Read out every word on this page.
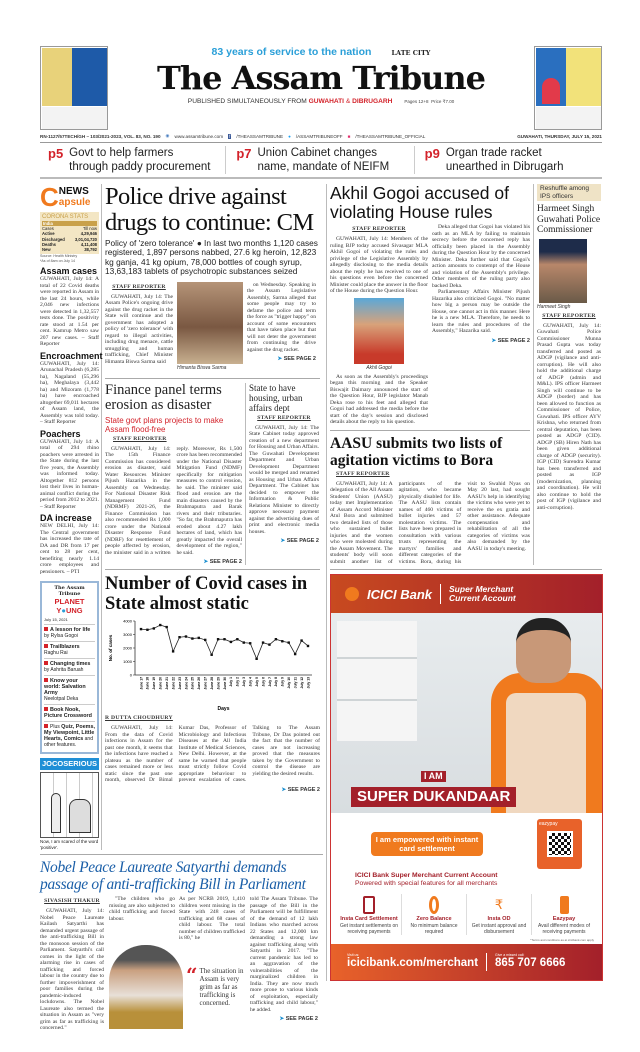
83 years of service to the nation	LATE CITY
The Assam Tribune
PUBLISHED SIMULTANEOUSLY FROM GUWAHATI & DIBRUGARH	Pages 12+8 Price ₹7.00
RN-1127/57TECH/GH – 103/2021-2023, VOL. 83, NO. 190 ◉ www.assamtribune.com f /THEASSAMTRIBUNE ● /ASSAMTRIBUNEOFF ■ /THEASSAMTRIBUNE_OFFICIAL	GUWAHATI, THURSDAY, JULY 15, 2021
p5 Govt to help farmers through paddy procurement
p7 Union Cabinet changes name, mandate of NEIFM
p9 Organ trade racket unearthed in Dibrugarh
C NEWS
apsule
CORONA STATS
India
Cases	Till now
Active	4,29,946
Discharged 3,01,04,720
Deaths	4,11,408
New	38,792
Source: Health Ministry
*As of 8am on July 14
Assam cases
GUWAHATI, July 14: A total of 22 Covid deaths were reported in Assam in the last 24 hours, while 2,046 new infections were detected in 1,32,557 tests done. The positivity rate stood at 1.54 per cent. Kamrup Metro saw 207 new cases. – Staff Reporter
Encroachment
GUWAHATI, July 14: Arunachal Pradesh (6,285 ha), Nagaland (55,296 ha), Meghalaya (3,442 ha) and Mizoram (1,778 ha) have encroached altogether 69,011 hectares of Assam land, the Assembly was told today. – Staff Reporter
Poachers
GUWAHATI, July 14: A total of 294 rhino poachers were arrested in the State during the last five years, the Assembly was informed today. Altogether 812 persons lost their lives in human-animal conflict during the period from 2012 to 2021. – Staff Reporter
DA increase
NEW DELHI, July 14: The Central government has increased the rate of DA and DR from 17 per cent to 28 per cent, benefiting nearly 1.14 crore employees and pensioners. – PTI
The Assam Tribune
PLANET Y●UNG
July 15, 2021
A lesson for life
by Rylsa Gogoi
Trailblazers
Raghu Rai
Changing times
by Ashrita Baruah
Know your world: Salvation Army
Neelotpal Deka
Book Nook, Picture Crossword
Plus Quiz, Poems, My Viewpoint, Little Hearts, Comics and other features.
JOCOSERIOUS
Now, I am scared of the word 'positive'.
Police drive against drugs to continue: CM
Policy of 'zero tolerance' ● In last two months 1,120 cases registered, 1,897 persons nabbed, 27.6 kg heroin, 12,823 kg ganja, 41 kg opium, 78,000 bottles of cough syrup, 13,63,183 tablets of psychotropic substances seized
STAFF REPORTER

GUWAHATI, July 14: The Assam Police's ongoing drive against the drug racket in the State will continue and the government has adopted a policy of 'zero tolerance' with regard to illegal activities, including drug menace, cattle smuggling and human trafficking, Chief Minister Himanta Biswa Sarma said

Himanta Biswa Sarma

on Wednesday. Speaking in the Assam Legislative Assembly, Sarma alleged that some people may try to defame the police and term the force as "trigger happy" on account of some encounters that have taken place but that will not deter the government from continuing the drive against the drug racket.

➤ SEE PAGE 2
Finance panel terms erosion as disaster
State govt plans projects to make Assam flood-free
STAFF REPORTER

GUWAHATI, July 14: The 15th Finance Commission has considered erosion as disaster, said Water Resources Minister Pijush Hazarika in the Assembly on Wednesday. For National Disaster Risk Management Fund (NDRMF) 2021-26, the Finance Commission has also recommended Rs 1,000 crore under the National Disaster Response Fund (NDRF) for resettlement of people affected by erosion, the minister said in a written reply. Moreover, Rs 1,500 crore has been recommended under the National Disaster Mitigation Fund (NDMF) specifically for mitigation measures to control erosion, he said. The minister said flood and erosion are the main disasters caused by the Brahmaputra and Barak rivers and their tributaries. "So far, the Brahmaputra has eroded about 4.27 lakh hectares of land, which has greatly impacted the overall development of the region," he said.

➤ SEE PAGE 2
State to have housing, urban affairs dept
STAFF REPORTER

GUWAHATI, July 14: The State Cabinet today approved creation of a new department for Housing and Urban Affairs. The Guwahati Development Department and Urban Development Department would be merged and renamed as Housing and Urban Affairs Department. The Cabinet has decided to empower the Information & Public Relations Minister to directly approve necessary payment against the advertising dues of print and electronic media houses.

➤ SEE PAGE 2
Number of Covid cases in State almost static
0
1000
2000
3000
4000
No. of cases
Days
June 17 June 18 June 19 June 20 June 21 June 22 June 23 June 24 June 25 June 26 June 27 June 28 June 29 June 30 July 1 July 2 July 3 July 4 July 5 July 6 July 7 July 8 July 9 July 10 July 11 July 12 July 13
R DUTTA CHOUDHURY

GUWAHATI, July 14: From the data of Covid infections in Assam for the past one month, it seems that the infections have reached a plateau as the number of cases remained more or less static since the past one month, observed Dr Bimal Kumar Das, Professor of Microbiology and Infectious Diseases at the All India Institute of Medical Sciences, New Delhi. However, at the same he warned that people must strictly follow Covid appropriate behaviour to prevent escalation of cases. Talking to The Assam Tribune, Dr Das pointed out the fact that the number of cases are not increasing proved that the measures taken by the Government to control the disease are yielding the desired results.

➤ SEE PAGE 2
Nobel Peace Laureate Satyarthi demands passage of anti-trafficking Bill in Parliament
SIVASISH THAKUR

GUWAHATI, July 14: Nobel Peace Laureate Kailash Satyarthi has demanded urgent passage of the anti-trafficking Bill in the monsoon session of the Parliament. Satyarthi's call comes in the light of the alarming rise in cases of trafficking and forced labour in the country due to further impoverishment of poor families during the pandemic-induced lockdowns. The Nobel Laureate also termed the situation in Assam as "very grim as far as trafficking is concerned."

"The children who go missing are also subjected to child trafficking and forced labour.

As per NCRB 2019, 1,410 children went missing in the State with 248 cases of trafficking and 68 cases of child labour. The total number of children trafficked is 80," he

“ The situation in Assam is very grim as far as trafficking is concerned.

told The Assam Tribune. The passage of the Bill in the Parliament will be fulfillment of the demand of 12 lakh Indians who marched across 22 States and 12,000 km demanding a strong law against trafficking along with Satyarthi in 2017. "The current pandemic has led to an aggravation of the vulnerabilities of the marginalized children in India. They are now much more prone to various kinds of exploitation, especially trafficking and child labour," he added.

➤ SEE PAGE 2
Akhil Gogoi accused of violating House rules
STAFF REPORTER

GUWAHATI, July 14: Members of the ruling BJP today accused Sivasagar MLA Akhil Gogoi of violating the rules and privilege of the Legislative Assembly by allegedly disclosing to the media details about the reply he has received to one of his questions even before the concerned Minister could place the answer in the floor of the House during the Question Hour.

Akhil Gogoi

As soon as the Assembly's proceedings began this morning and the Speaker Biswajit Daimary announced the start of the Question Hour, BJP legislator Manab Deka rose to his feet and alleged that Gogoi had addressed the media before the start of the day's session and disclosed details about the reply to his question.

Deka alleged that Gogoi has violated his oath as an MLA by failing to maintain secrecy before the concerned reply has officially been placed in the Assembly during the Question Hour by the concerned Minister. Deka further said that Gogoi's action amounts to contempt of the House and violation of the Assembly's privilege. Other members of the ruling party also backed Deka.

Parliamentary Affairs Minister Pijush Hazarika also criticized Gogoi. "No matter how big a person may be outside the House, one cannot act in this manner. Here he is a new MLA. Therefore, he needs to learn the rules and procedures of the Assembly," Hazarika said.

➤ SEE PAGE 2
AASU submits two lists of agitation victims to Bora
STAFF REPORTER

GUWAHATI, July 14: A delegation of the All Assam Students' Union (AASU) today met Implementation of Assam Accord Minister Atul Bora and submitted two detailed lists of those who sustained bullet injuries and the women who were molested during the Assam Movement. The students' body will soon submit another list of participants of the agitation, who became physically disabled for life. The AASU lists contain names of 460 victims of bullet injuries and 57 molestation victims. The lists have been prepared in consultation with various trusts representing the martyrs' families and different categories of the victims. Bora, during his visit to Swahid Nyas on May 20 last, had sought AASU's help in identifying the victims who were yet to receive the ex gratia and other assistance. Adequate compensation and rehabilitation of all the categories of victims was also demanded by the AASU in today's meeting.

Reshuffle among IPS officers
Harmeet Singh Guwahati Police Commissioner
Harmeet Singh
STAFF REPORTER

GUWAHATI, July 14: Guwahati Police Commissioner Munna Prasad Gupta was today transferred and posted as ADGP (vigilance and anti-corruption). He will also hold the additional charge of ADGP (admin and M&L). IPS officer Harmeet Singh will continue to be ADGP (border) and has been allowed to function as Commissioner of Police, Guwahati. IPS officer AYV Krishna, who returned from central deputation, has been posted as ADGP (CID). ADGP (SB) Hiren Nath has been given additional charge of ADGP (security). IGP (CID) Surendra Kumar has been transferred and posted as IGP (modernization, planning and coordination). He will also continue to hold the post of IGP (vigilance and anti-corruption).

ICICI Bank Super Merchant Current Account
I AM
SUPER DUKANDAAR
I am empowered with instant card settlement
eazypay
ICICI Bank Super Merchant Current Account
Powered with special features for all merchants
Insta Card Settlement
Get instant settlements on receiving payments
Zero Balance
No minimum balance required
₹
Insta OD
Get instant approval and disbursement
Eazypay
Avail different modes of receiving payments
*Terms and conditions as at icicibank.com apply
Visit us:
icicibank.com/merchant
Give a missed call:
865 707 6666
